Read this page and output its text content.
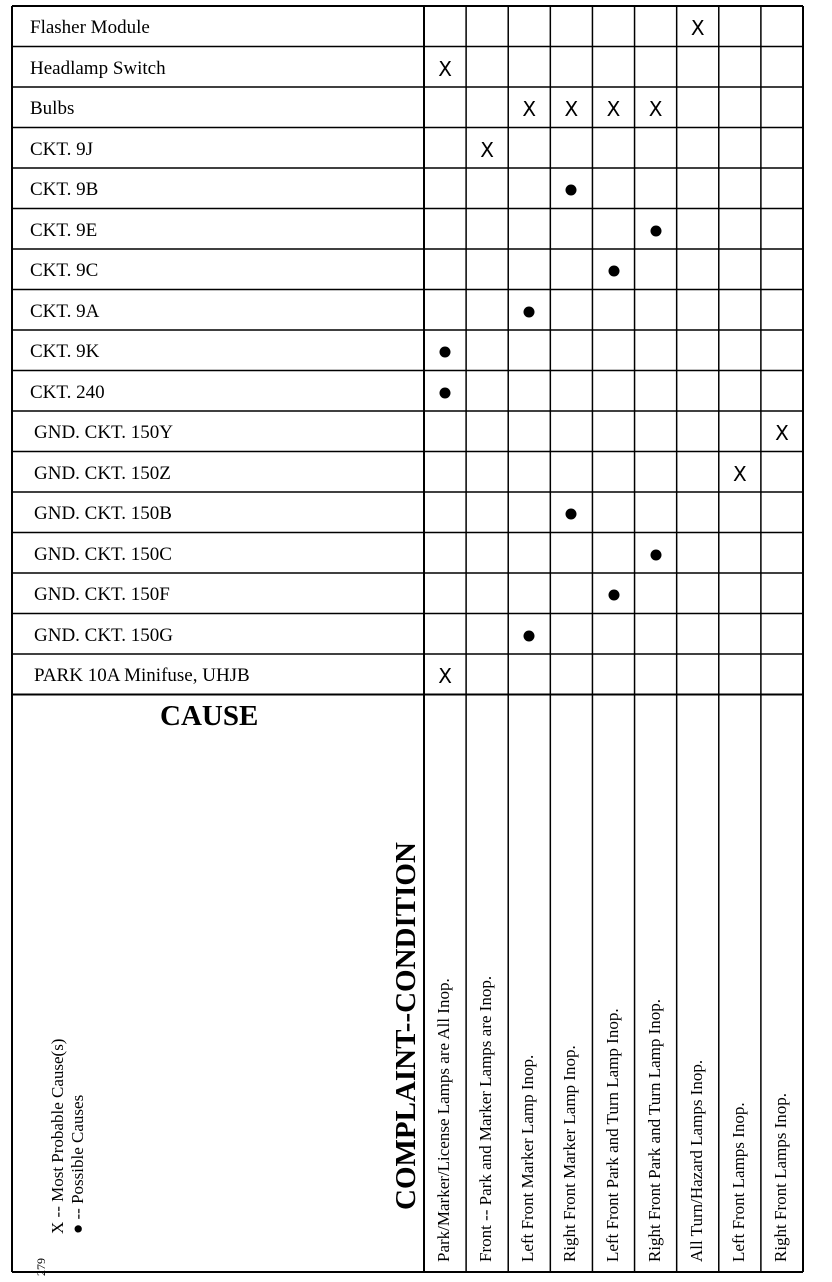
Flasher Module
Headlamp Switch
Bulbs
CKT. 9J
CKT. 9B
CKT. 9E
CKT. 9C
CKT. 9A
CKT. 9K
CKT. 240
GND. CKT. 150Y
GND. CKT. 150Z
GND. CKT. 150B
GND. CKT. 150C
GND. CKT. 150F
GND. CKT. 150G
PARK 10A Minifuse, UHJB
X
X
X X X X
X
X
X
X
Park/Marker/License Lamps are All Inop. Front -- Park and Marker Lamps are Inop. Left Front Marker Lamp Inop. Right Front Marker Lamp Inop. Left Front Park and Turn Lamp Inop. Right Front Park and Turn Lamp Inop. All Turn/Hazard Lamps Inop. Left Front Lamps Inop. Right Front Lamps Inop.
CAUSE
COMPLAINT--CONDITION
X -- Most Probable Cause(s) ● -- Possible Causes
279
